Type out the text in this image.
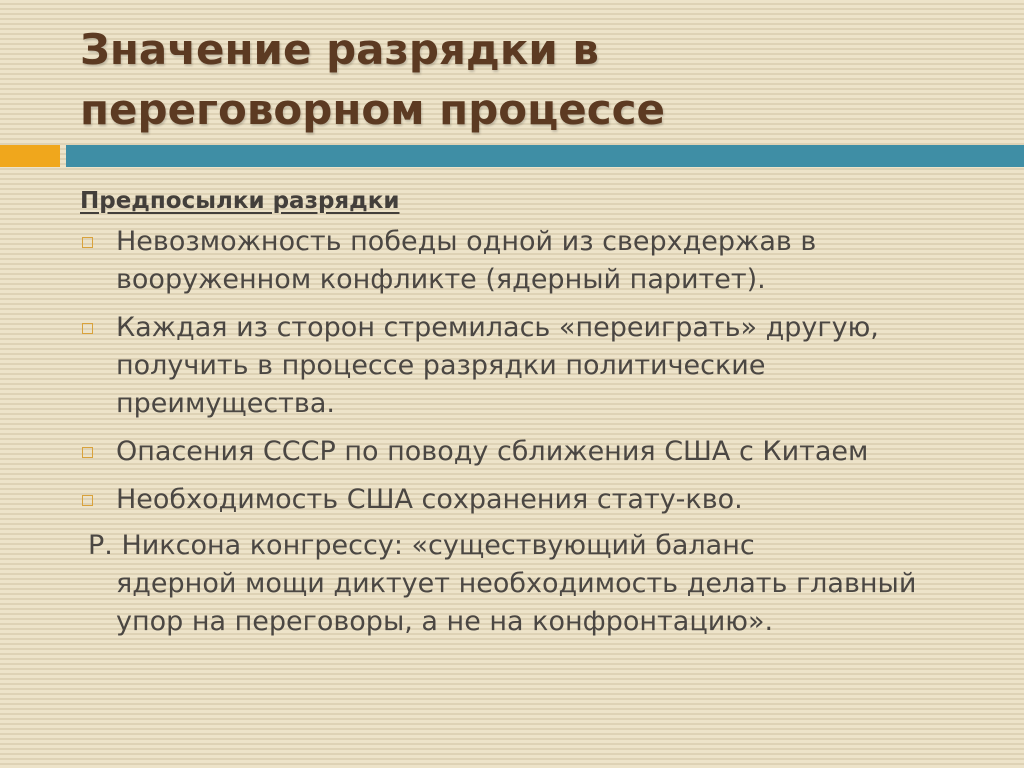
Значение разрядки в
переговорном процессе
Предпосылки разрядки
Невозможность победы одной из сверхдержав в вооруженном конфликте (ядерный паритет).
Каждая из сторон стремилась «переиграть» другую, получить в процессе разрядки политические преимущества.
Опасения СССР по поводу сближения США с Китаем
Необходимость США сохранения стату-кво.
Р. Никсона конгрессу: «существующий баланс
ядерной мощи диктует необходимость делать главный упор на переговоры, а не на конфронтацию».
